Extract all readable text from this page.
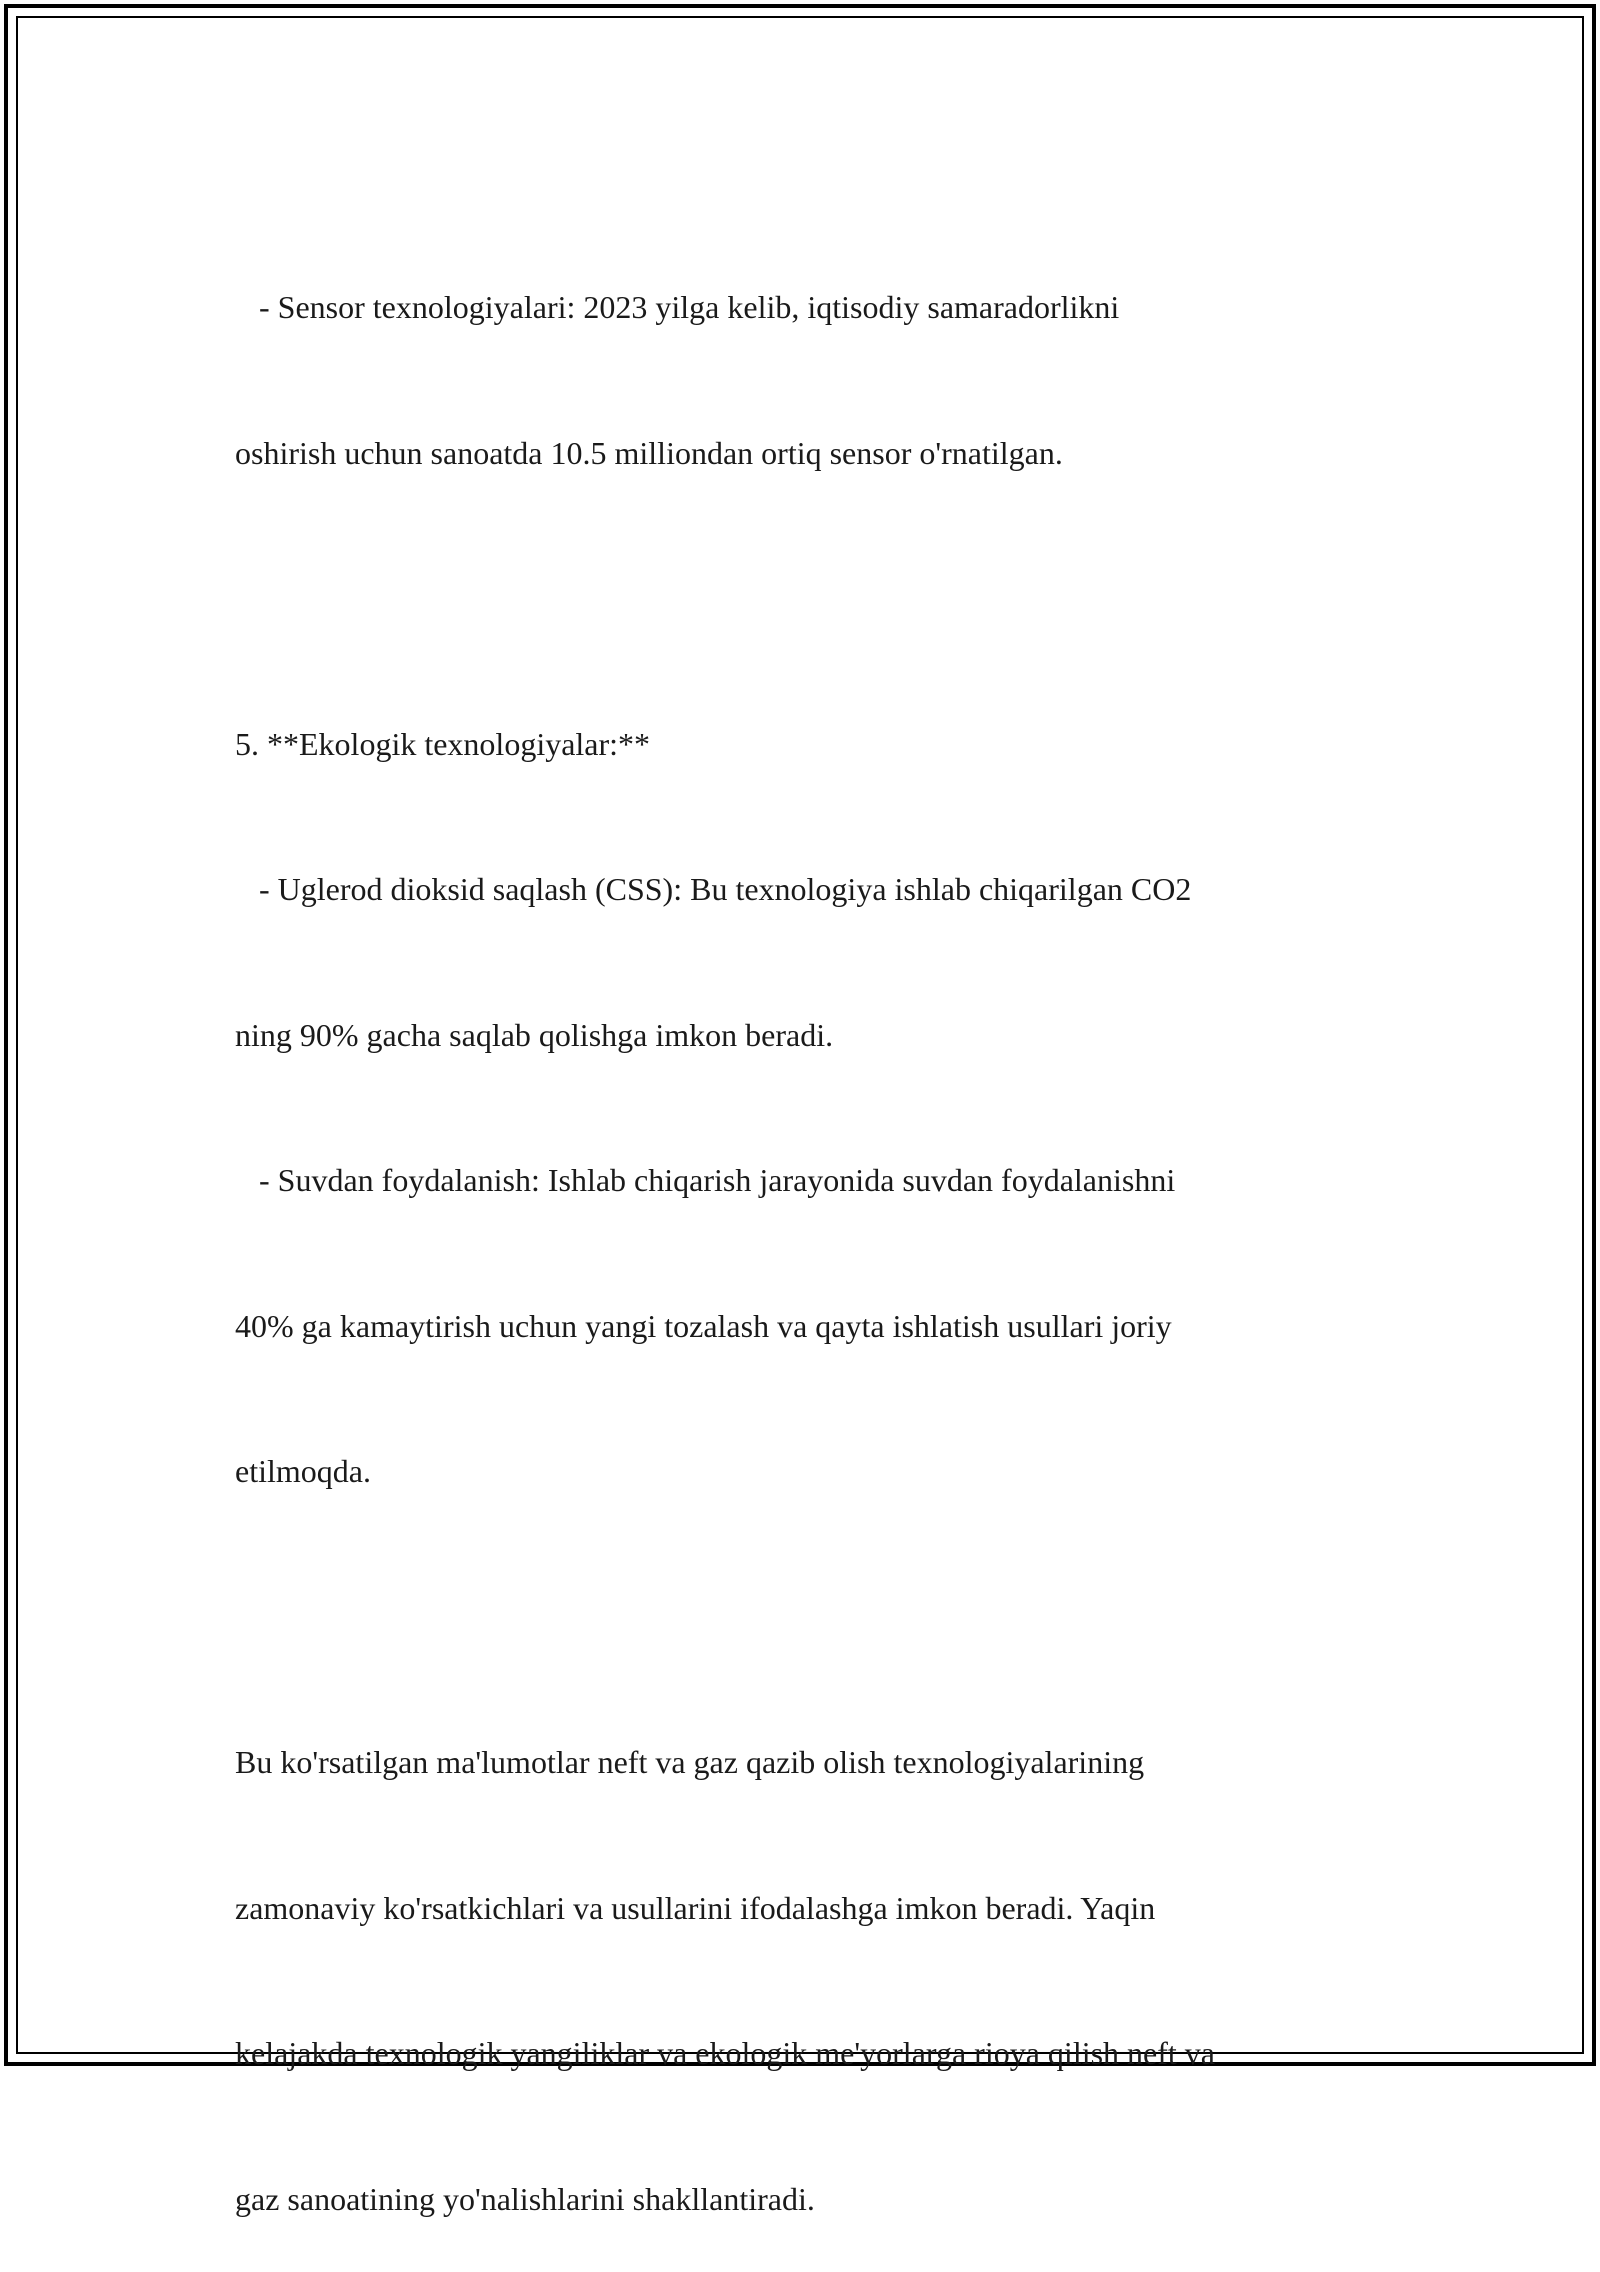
- Sensor texnologiyalari: 2023 yilga kelib, iqtisodiy samaradorlikni

oshirish uchun sanoatda 10.5 milliondan ortiq sensor o'rnatilgan.

5. **Ekologik texnologiyalar:**

- Uglerod dioksid saqlash (CSS): Bu texnologiya ishlab chiqarilgan CO2

ning 90% gacha saqlab qolishga imkon beradi.

- Suvdan foydalanish: Ishlab chiqarish jarayonida suvdan foydalanishni

40% ga kamaytirish uchun yangi tozalash va qayta ishlatish usullari joriy

etilmoqda.

Bu ko'rsatilgan ma'lumotlar neft va gaz qazib olish texnologiyalarining

zamonaviy ko'rsatkichlari va usullarini ifodalashga imkon beradi. Yaqin

kelajakda texnologik yangiliklar va ekologik me'yorlarga rioya qilish neft va

gaz sanoatining yo'nalishlarini shakllantiradi.
